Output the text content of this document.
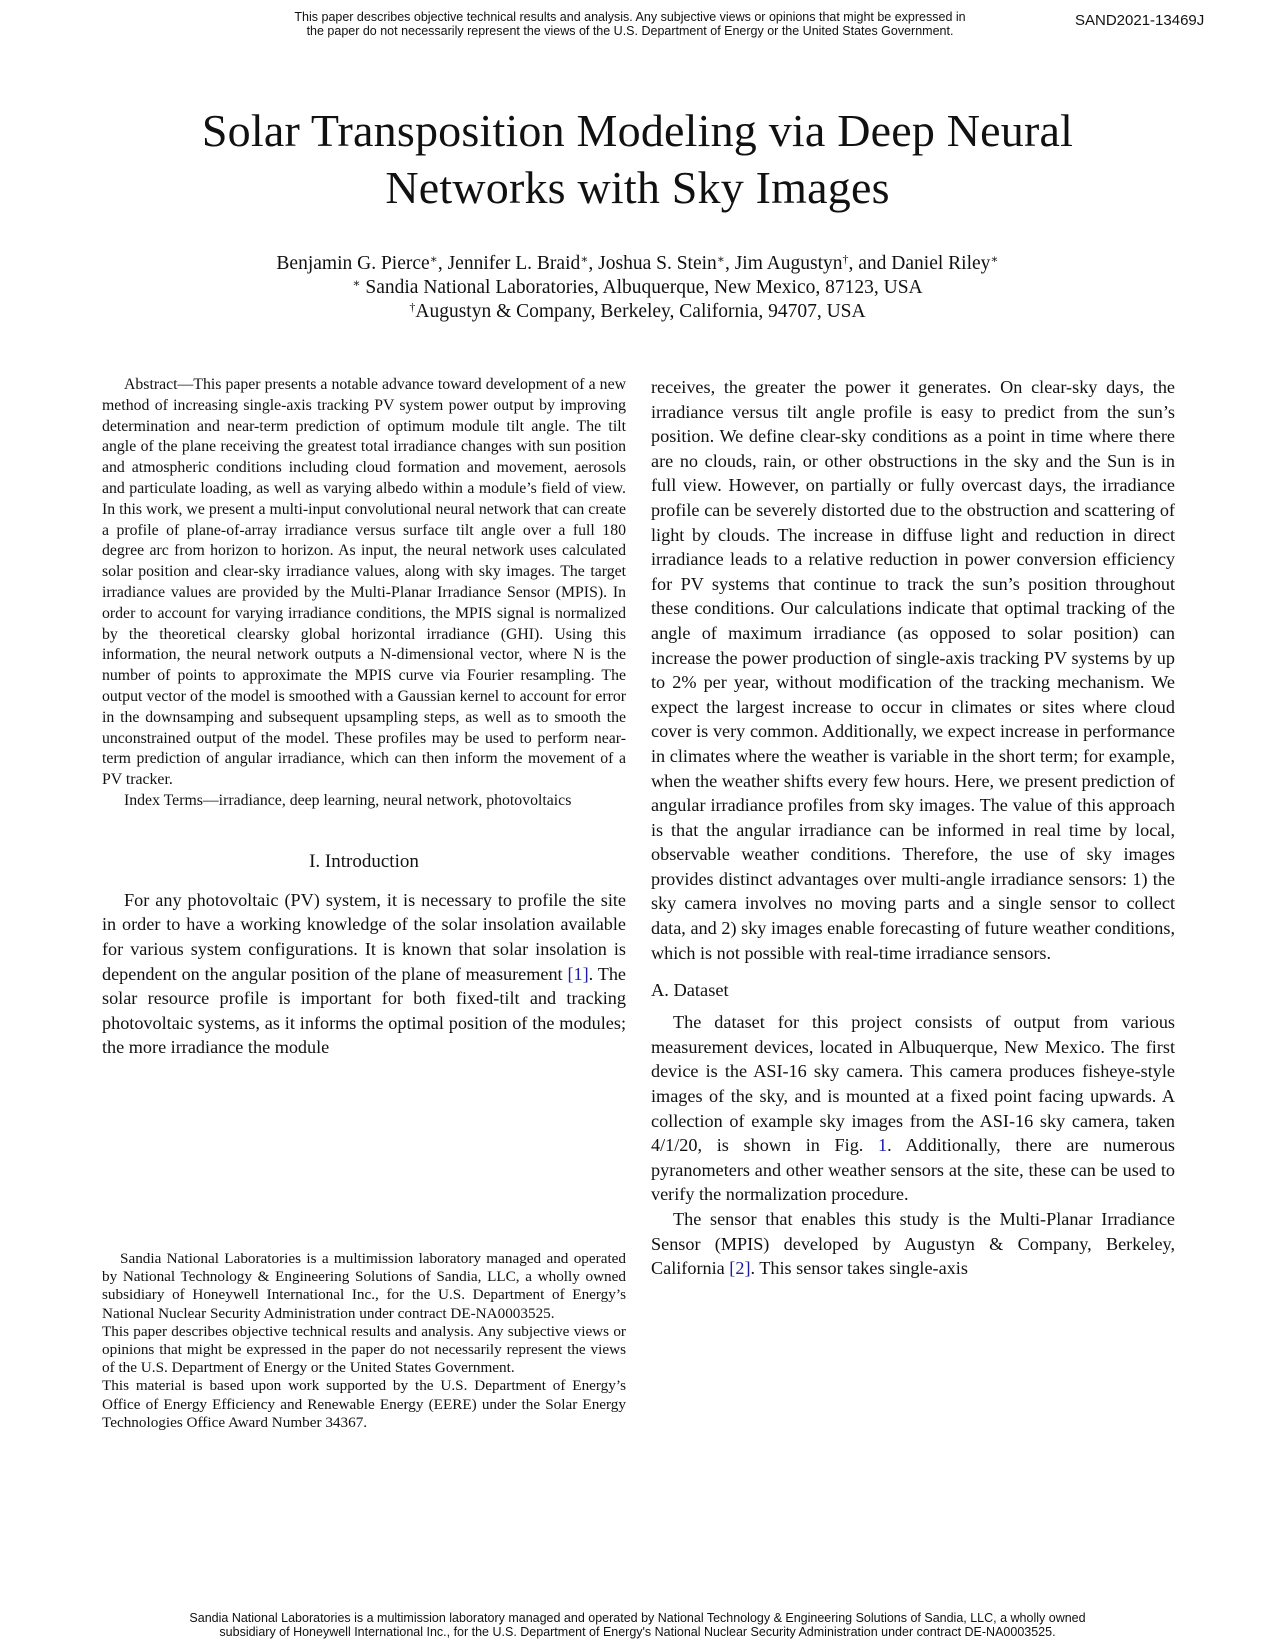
This paper describes objective technical results and analysis. Any subjective views or opinions that might be expressed in
the paper do not necessarily represent the views of the U.S. Department of Energy or the United States Government.
SAND2021-13469J
Solar Transposition Modeling via Deep Neural
Networks with Sky Images
Benjamin G. Pierce∗, Jennifer L. Braid∗, Joshua S. Stein∗, Jim Augustyn†, and Daniel Riley∗
∗ Sandia National Laboratories, Albuquerque, New Mexico, 87123, USA
†Augustyn & Company, Berkeley, California, 94707, USA

Abstract—This paper presents a notable advance toward development of a new method of increasing single-axis tracking PV system power output by improving determination and near-term prediction of optimum module tilt angle. The tilt angle of the plane receiving the greatest total irradiance changes with sun position and atmospheric conditions including cloud formation and movement, aerosols and particulate loading, as well as varying albedo within a module’s field of view. In this work, we present a multi-input convolutional neural network that can create a profile of plane-of-array irradiance versus surface tilt angle over a full 180 degree arc from horizon to horizon. As input, the neural network uses calculated solar position and clear-sky irradiance values, along with sky images. The target irradiance values are provided by the Multi-Planar Irradiance Sensor (MPIS). In order to account for varying irradiance conditions, the MPIS signal is normalized by the theoretical clearsky global horizontal irradiance (GHI). Using this information, the neural network outputs a N-dimensional vector, where N is the number of points to approximate the MPIS curve via Fourier resampling. The output vector of the model is smoothed with a Gaussian kernel to account for error in the downsamping and subsequent upsampling steps, as well as to smooth the unconstrained output of the model. These profiles may be used to perform near-term prediction of angular irradiance, which can then inform the movement of a PV tracker.

Index Terms—irradiance, deep learning, neural network, photovoltaics

I. Introduction

For any photovoltaic (PV) system, it is necessary to profile the site in order to have a working knowledge of the solar insolation available for various system configurations. It is known that solar insolation is dependent on the angular position of the plane of measurement [1]. The solar resource profile is important for both fixed-tilt and tracking photovoltaic systems, as it informs the optimal position of the modules; the more irradiance the module

Sandia National Laboratories is a multimission laboratory managed and operated by National Technology & Engineering Solutions of Sandia, LLC, a wholly owned subsidiary of Honeywell International Inc., for the U.S. Department of Energy’s National Nuclear Security Administration under contract DE-NA0003525.

This paper describes objective technical results and analysis. Any subjective views or opinions that might be expressed in the paper do not necessarily represent the views of the U.S. Department of Energy or the United States Government.

This material is based upon work supported by the U.S. Department of Energy’s Office of Energy Efficiency and Renewable Energy (EERE) under the Solar Energy Technologies Office Award Number 34367.

receives, the greater the power it generates. On clear-sky days, the irradiance versus tilt angle profile is easy to predict from the sun’s position. We define clear-sky conditions as a point in time where there are no clouds, rain, or other obstructions in the sky and the Sun is in full view. However, on partially or fully overcast days, the irradiance profile can be severely distorted due to the obstruction and scattering of light by clouds. The increase in diffuse light and reduction in direct irradiance leads to a relative reduction in power conversion efficiency for PV systems that continue to track the sun’s position throughout these conditions. Our calculations indicate that optimal tracking of the angle of maximum irradiance (as opposed to solar position) can increase the power production of single-axis tracking PV systems by up to 2% per year, without modification of the tracking mechanism. We expect the largest increase to occur in climates or sites where cloud cover is very common. Additionally, we expect increase in performance in climates where the weather is variable in the short term; for example, when the weather shifts every few hours. Here, we present prediction of angular irradiance profiles from sky images. The value of this approach is that the angular irradiance can be informed in real time by local, observable weather conditions. Therefore, the use of sky images provides distinct advantages over multi-angle irradiance sensors: 1) the sky camera involves no moving parts and a single sensor to collect data, and 2) sky images enable forecasting of future weather conditions, which is not possible with real-time irradiance sensors.

A. Dataset

The dataset for this project consists of output from various measurement devices, located in Albuquerque, New Mexico. The first device is the ASI-16 sky camera. This camera produces fisheye-style images of the sky, and is mounted at a fixed point facing upwards. A collection of example sky images from the ASI-16 sky camera, taken 4/1/20, is shown in Fig. 1. Additionally, there are numerous pyranometers and other weather sensors at the site, these can be used to verify the normalization procedure.

The sensor that enables this study is the Multi-Planar Irradiance Sensor (MPIS) developed by Augustyn & Company, Berkeley, California [2]. This sensor takes single-axis

Sandia National Laboratories is a multimission laboratory managed and operated by National Technology & Engineering Solutions of Sandia, LLC, a wholly owned
subsidiary of Honeywell International Inc., for the U.S. Department of Energy's National Nuclear Security Administration under contract DE-NA0003525.
